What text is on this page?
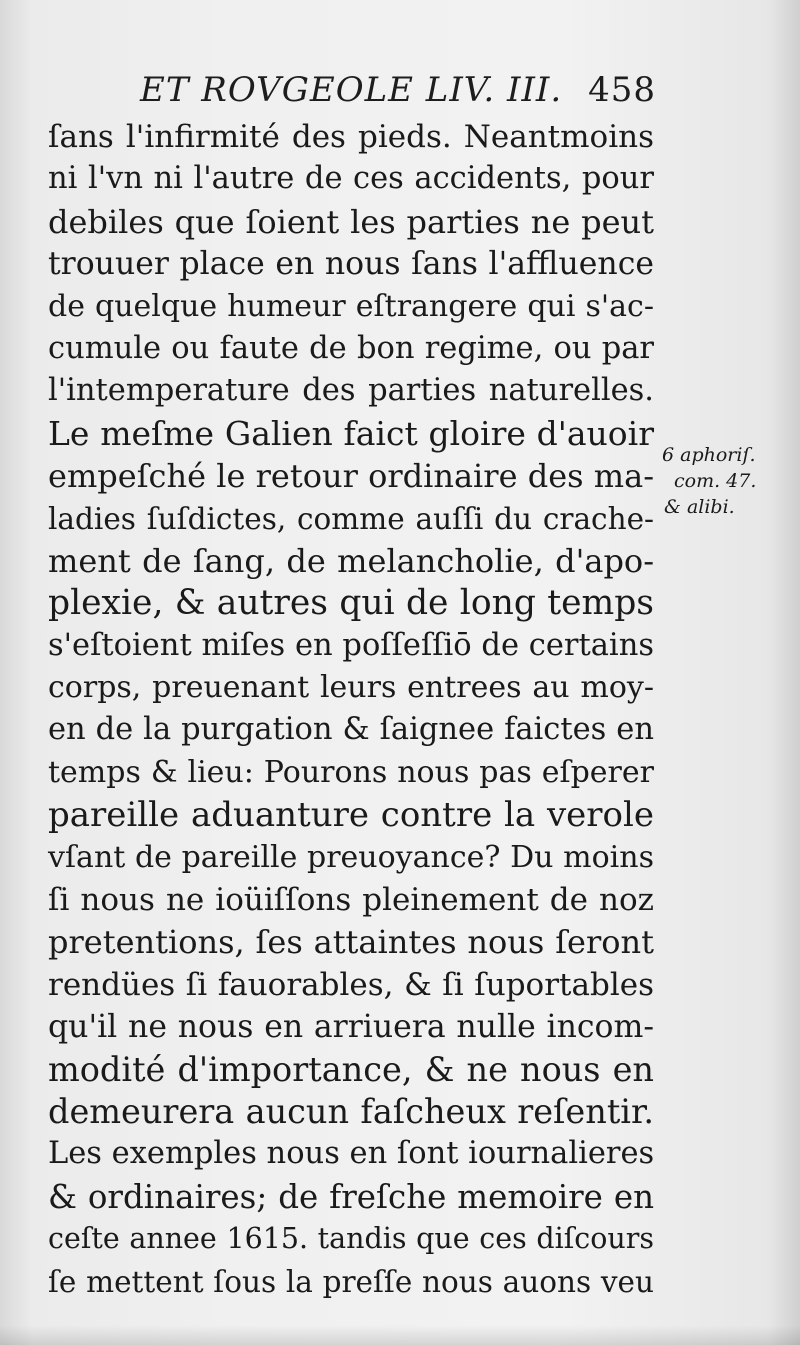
ET ROVGEOLE LIV. III. 458
ſans l'infirmité des pieds. Neantmoins
ni l'vn ni l'autre de ces accidents, pour
debiles que ſoient les parties ne peut
trouuer place en nous ſans l'affluence
de quelque humeur eſtrangere qui s'ac-
cumule ou faute de bon regime, ou par
l'intemperature des parties naturelles.
Le meſme Galien faict gloire d'auoir
empeſché le retour ordinaire des ma-
ladies ſuſdictes, comme auſſi du crache-
ment de ſang, de melancholie, d'apo-
plexie, & autres qui de long temps
s'eſtoient miſes en poſſeſſiō de certains
corps, preuenant leurs entrees au moy-
en de la purgation & ſaignee faictes en
temps & lieu: Pourons nous pas eſperer
pareille aduanture contre la verole
vſant de pareille preuoyance? Du moins
ſi nous ne ioüiſſons pleinement de noz
pretentions, ſes attaintes nous ſeront
rendües ſi fauorables, & ſi ſuportables
qu'il ne nous en arriuera nulle incom-
modité d'importance, & ne nous en
demeurera aucun faſcheux reſentir.
Les exemples nous en ſont iournalieres
& ordinaires; de freſche memoire en
ceſte annee 1615. tandis que ces diſcours
ſe mettent ſous la preſſe nous auons veu
6 aphoriſ.
com. 47.
& alibi.
